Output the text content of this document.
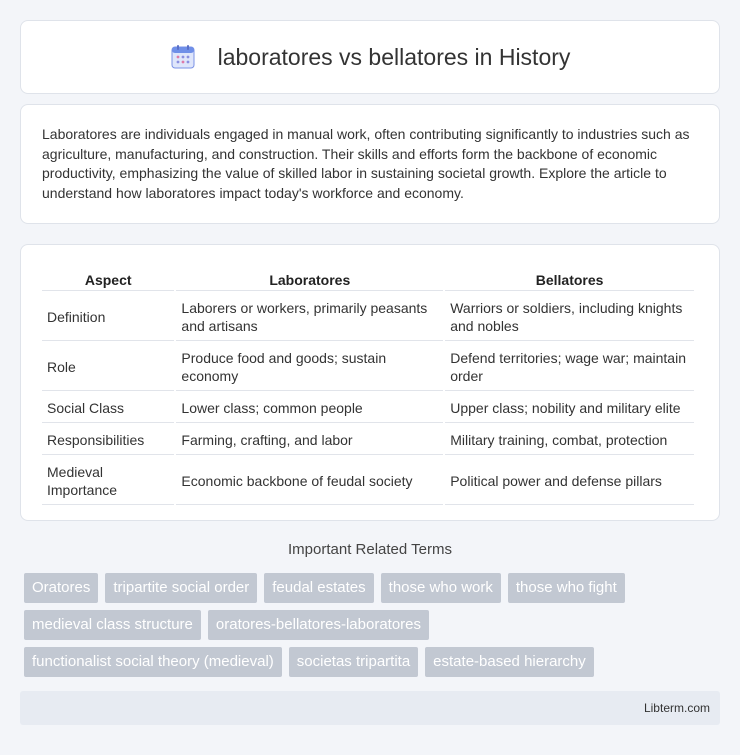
laboratores vs bellatores in History

Laboratores are individuals engaged in manual work, often contributing significantly to industries such as agriculture, manufacturing, and construction. Their skills and efforts form the backbone of economic productivity, emphasizing the value of skilled labor in sustaining societal growth. Explore the article to understand how laboratores impact today's workforce and economy.

Aspect	Laboratores	Bellatores
Definition	Laborers or workers, primarily peasants and artisans	Warriors or soldiers, including knights and nobles
Role	Produce food and goods; sustain economy	Defend territories; wage war; maintain order
Social Class	Lower class; common people	Upper class; nobility and military elite
Responsibilities	Farming, crafting, and labor	Military training, combat, protection
Medieval Importance	Economic backbone of feudal society	Political power and defense pillars
Important Related Terms
Oratores	tripartite social order	feudal estates	those who work	those who fight
medieval class structure	oratores-bellatores-laboratores
functionalist social theory (medieval)	societas tripartita	estate-based hierarchy
Libterm.com
